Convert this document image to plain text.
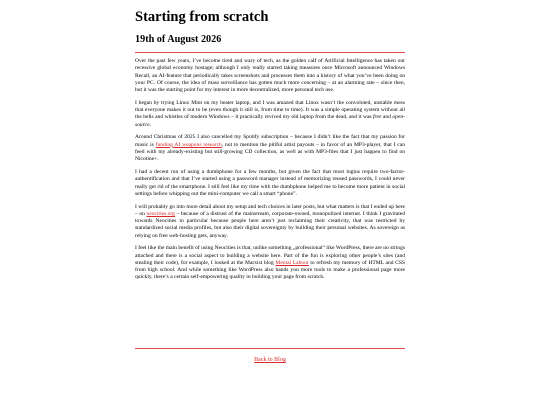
Starting from scratch
19th of August 2026

Over the past few years, I’ve become tired and wary of tech, as the golden calf of Artificial Intelligence has taken our recessive global economy hostage; although I only really started taking measures once Microsoft announced Windows Recall, an AI-feature that periodically takes screenshots and processes them into a history of what you’ve been doing on your PC. Of course, the idea of mass surveillance has gotten much more concerning – at an alarming rate – since then, but it was the starting point for my interest in more decentralized, more personal tech use.

I began by trying Linux Mint on my beater laptop, and I was amazed that Linux wasn’t the convoluted, unstable mess that everyone makes it out to be (even though it still is, from time to time). It was a simple operating system without all the bells and whistles of modern Windows – it practically revived my old laptop from the dead, and it was free and open-source.

Around Christmas of 2025 I also cancelled my Spotify subscription – because I didn’t like the fact that my passion for music is funding AI weapons research, not to mention the pitiful artist payouts – in favor of an MP3-player, that I can feed with my already-existing but still-growing CD collection, as well as with MP3-files that I just happen to find on Nicotine+.

I had a decent run of using a dumbphone for a few months, but given the fact that most logins require two-factor-authentification and that I’ve started using a password manager instead of memorizing reused passwords, I could never really get rid of the smartphone. I still feel like my time with the dumbphone helped me to become more patient in social settings before whipping out the mini-computer we call a smart “phone”.

I will probably go into more detail about my setup and tech choices in later posts, but what matters is that I ended up here – on neocities.org – because of a distrust of the mainstream, corporate-owned, monopolized internet. I think I gravitated towards Neocities in particular because people here aren’t just reclaiming their creativity, that was restricted by standardized social media profiles, but also their digital sovereignty by building their personal websites. As sovereign as relying on free web-hosting gets, anyway.

I feel like the main benefit of using Neocities is that, unlike something „professional“ like WordPress, there are no strings attached and there is a social aspect to building a website here. Part of the fun is exploring other people’s sites (and stealing their code), for example, I looked at the Marxist blog Mental Labour to refresh my memory of HTML and CSS from high school. And while something like WordPress also hands you more tools to make a professional page more quickly, there’s a certain self-empowering quality in building your page from scratch.

Back to Blog
